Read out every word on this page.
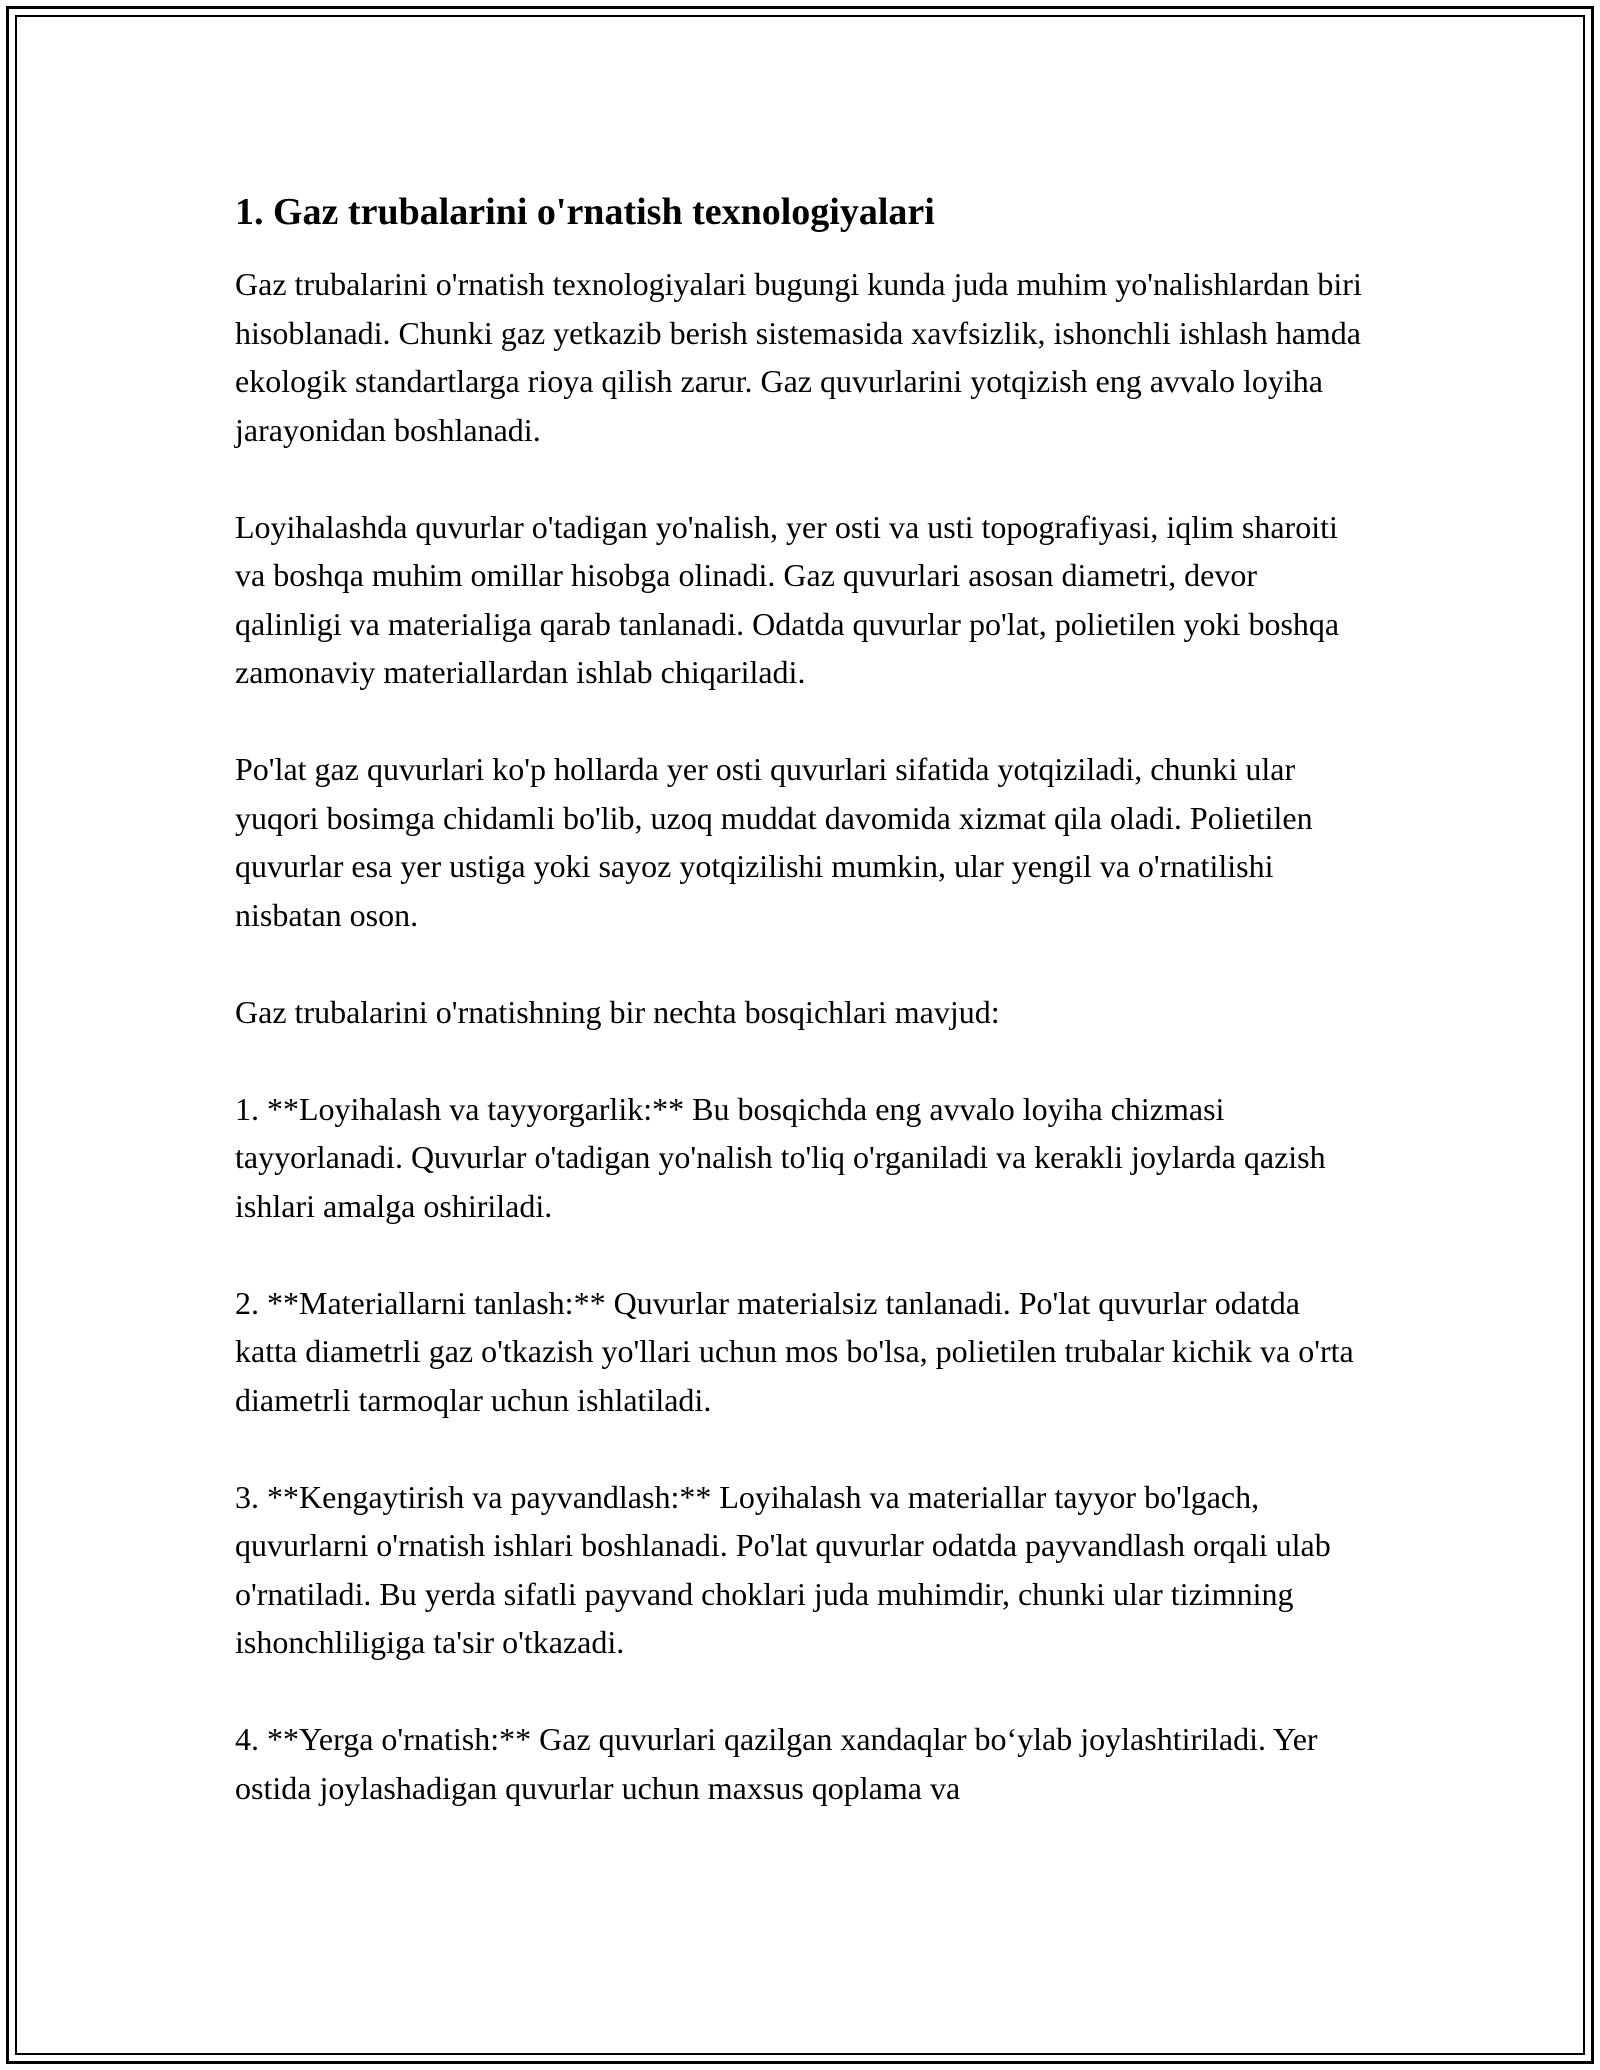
1. Gaz trubalarini o'rnatish texnologiyalari

Gaz trubalarini o'rnatish texnologiyalari bugungi kunda juda muhim yo'nalishlardan biri hisoblanadi. Chunki gaz yetkazib berish sistemasida xavfsizlik, ishonchli ishlash hamda ekologik standartlarga rioya qilish zarur. Gaz quvurlarini yotqizish eng avvalo loyiha jarayonidan boshlanadi.

Loyihalashda quvurlar o'tadigan yo'nalish, yer osti va usti topografiyasi, iqlim sharoiti va boshqa muhim omillar hisobga olinadi. Gaz quvurlari asosan diametri, devor qalinligi va materialiga qarab tanlanadi. Odatda quvurlar po'lat, polietilen yoki boshqa zamonaviy materiallardan ishlab chiqariladi.

Po'lat gaz quvurlari ko'p hollarda yer osti quvurlari sifatida yotqiziladi, chunki ular yuqori bosimga chidamli bo'lib, uzoq muddat davomida xizmat qila oladi. Polietilen quvurlar esa yer ustiga yoki sayoz yotqizilishi mumkin, ular yengil va o'rnatilishi nisbatan oson.

Gaz trubalarini o'rnatishning bir nechta bosqichlari mavjud:

1. **Loyihalash va tayyorgarlik:** Bu bosqichda eng avvalo loyiha chizmasi tayyorlanadi. Quvurlar o'tadigan yo'nalish to'liq o'rganiladi va kerakli joylarda qazish ishlari amalga oshiriladi.

2. **Materiallarni tanlash:** Quvurlar materialsiz tanlanadi. Po'lat quvurlar odatda katta diametrli gaz o'tkazish yo'llari uchun mos bo'lsa, polietilen trubalar kichik va o'rta diametrli tarmoqlar uchun ishlatiladi.

3. **Kengaytirish va payvandlash:** Loyihalash va materiallar tayyor bo'lgach, quvurlarni o'rnatish ishlari boshlanadi. Po'lat quvurlar odatda payvandlash orqali ulab o'rnatiladi. Bu yerda sifatli payvand choklari juda muhimdir, chunki ular tizimning ishonchliligiga ta'sir o'tkazadi.

4. **Yerga o'rnatish:** Gaz quvurlari qazilgan xandaqlar bo‘ylab joylashtiriladi. Yer ostida joylashadigan quvurlar uchun maxsus qoplama va
